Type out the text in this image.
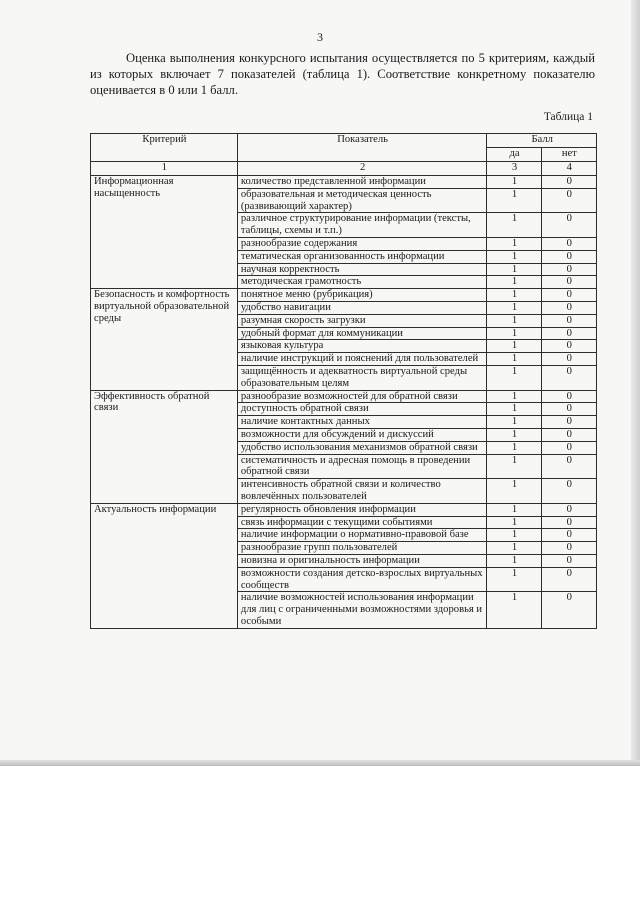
3

Оценка выполнения конкурсного испытания осуществляется по 5 критериям, каждый из которых включает 7 показателей (таблица 1). Соответствие конкретному показателю оценивается в 0 или 1 балл.

Таблица 1
Критерий	Показатель	Балл	
		да	нет
1	2	3	4
Информационная насыщенность	количество представленной информации	1	0
	образовательная и методическая ценность (развивающий характер)	1	0
	различное структурирование информации (тексты, таблицы, схемы и т.п.)	1	0
	разнообразие содержания	1	0
	тематическая организованность информации	1	0
	научная корректность	1	0
	методическая грамотность	1	0
Безопасность и комфортность виртуальной образовательной среды	понятное меню (рубрикация)	1	0
	удобство навигации	1	0
	разумная скорость загрузки	1	0
	удобный формат для коммуникации	1	0
	языковая культура	1	0
	наличие инструкций и пояснений для пользователей	1	0
	защищённость и адекватность виртуальной среды образовательным целям	1	0
Эффективность обратной связи	разнообразие возможностей для обратной связи	1	0
	доступность обратной связи	1	0
	наличие контактных данных	1	0
	возможности для обсуждений и дискуссий	1	0
	удобство использования механизмов обратной связи	1	0
	систематичность и адресная помощь в проведении обратной связи	1	0
	интенсивность обратной связи и количество вовлечённых пользователей	1	0
Актуальность информации	регулярность обновления информации	1	0
	связь информации с текущими событиями	1	0
	наличие информации о нормативно-правовой базе	1	0
	разнообразие групп пользователей	1	0
	новизна и оригинальность информации	1	0
	возможности создания детско-взрослых виртуальных сообществ	1	0
	наличие возможностей использования информации для лиц с ограниченными возможностями здоровья и особыми	1	0
